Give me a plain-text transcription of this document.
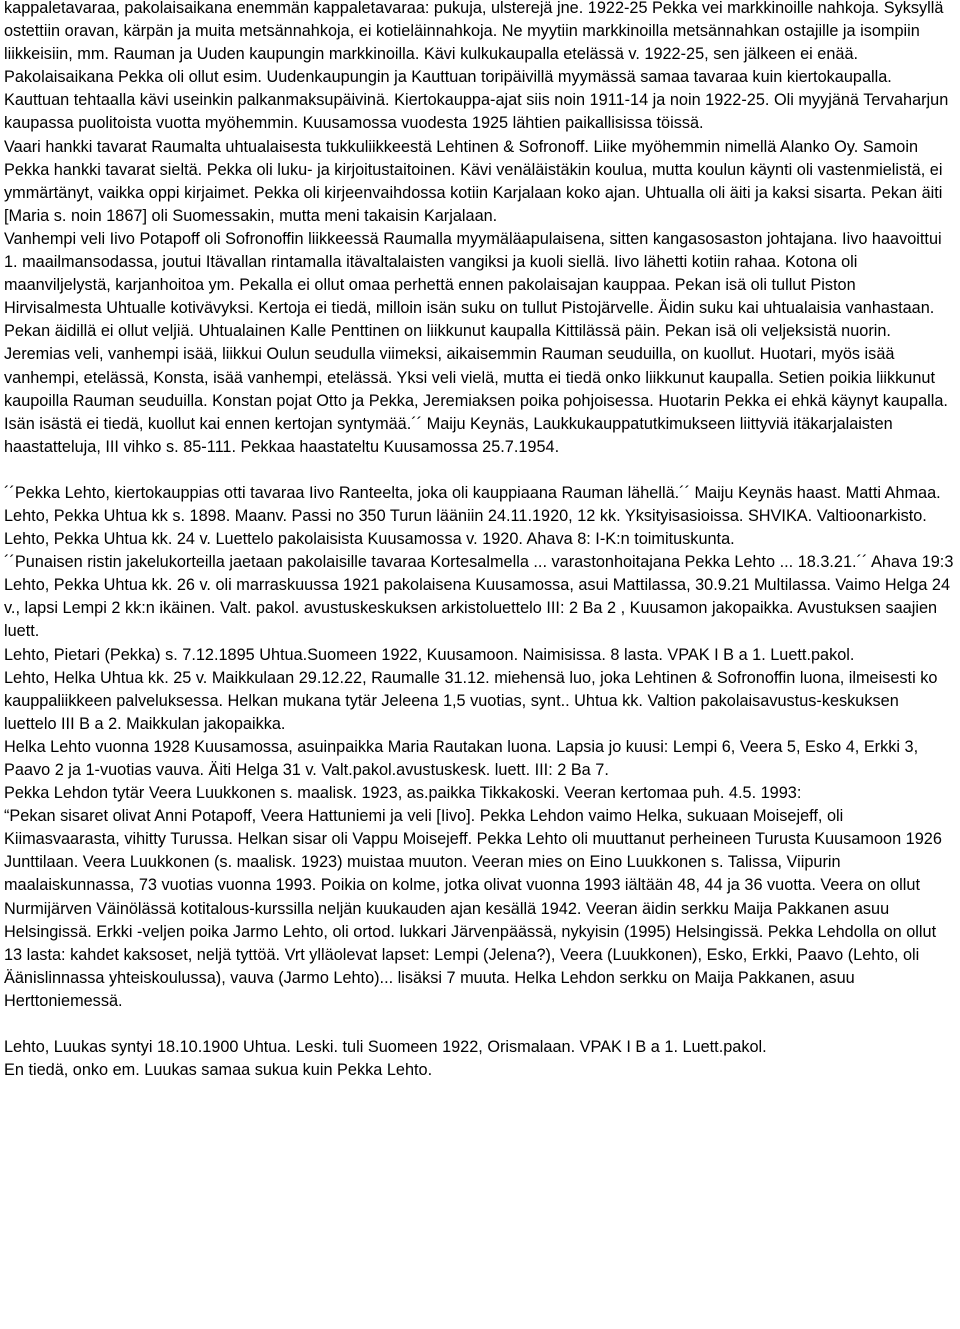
kappaletavaraa, pakolaisaikana enemmän kappaletavaraa: pukuja, ulsterejä jne. 1922-25 Pekka vei markkinoille nahkoja. Syksyllä ostettiin oravan, kärpän ja muita metsännahkoja, ei kotieläinnahkoja. Ne myytiin markkinoilla metsännahkan ostajille ja isompiin liikkeisiin, mm. Rauman ja Uuden kaupungin markkinoilla. Kävi kulkukaupalla etelässä v. 1922-25, sen jälkeen ei enää. Pakolaisaikana Pekka oli ollut esim. Uudenkaupungin ja Kauttuan toripäivillä myymässä samaa tavaraa kuin kiertokaupalla. Kauttuan tehtaalla kävi useinkin palkanmaksupäivinä. Kiertokauppa-ajat siis noin 1911-14 ja noin 1922-25. Oli myyjänä Tervaharjun kaupassa puolitoista vuotta myöhemmin. Kuusamossa vuodesta 1925 lähtien paikallisissa töissä.

Vaari hankki tavarat Raumalta uhtualaisesta tukkuliikkeestä Lehtinen & Sofronoff. Liike myöhemmin nimellä Alanko Oy. Samoin Pekka hankki tavarat sieltä. Pekka oli luku- ja kirjoitustaitoinen. Kävi venäläistäkin koulua, mutta koulun käynti oli vastenmielistä, ei ymmärtänyt, vaikka oppi kirjaimet. Pekka oli kirjeenvaihdossa kotiin Karjalaan koko ajan. Uhtualla oli äiti ja kaksi sisarta. Pekan äiti [Maria s. noin 1867] oli Suomessakin, mutta meni takaisin Karjalaan.

Vanhempi veli Iivo Potapoff oli Sofronoffin liikkeessä Raumalla myymäläapulaisena, sitten kangasosaston johtajana. Iivo haavoittui 1. maailmansodassa, joutui Itävallan rintamalla itävaltalaisten vangiksi ja kuoli siellä. Iivo lähetti kotiin rahaa. Kotona oli maanviljelystä, karjanhoitoa ym. Pekalla ei ollut omaa perhettä ennen pakolaisajan kauppaa. Pekan isä oli tullut Piston Hirvisalmesta Uhtualle kotivävyksi. Kertoja ei tiedä, milloin isän suku on tullut Pistojärvelle. Äidin suku kai uhtualaisia vanhastaan. Pekan äidillä ei ollut veljiä. Uhtualainen Kalle Penttinen on liikkunut kaupalla Kittilässä päin. Pekan isä oli veljeksistä nuorin. Jeremias veli, vanhempi isää, liikkui Oulun seudulla viimeksi, aikaisemmin Rauman seuduilla, on kuollut. Huotari, myös isää vanhempi, etelässä, Konsta, isää vanhempi, etelässä. Yksi veli vielä, mutta ei tiedä onko liikkunut kaupalla. Setien poikia liikkunut kaupoilla Rauman seuduilla. Konstan pojat Otto ja Pekka, Jeremiaksen poika pohjoisessa. Huotarin Pekka ei ehkä käynyt kaupalla. Isän isästä ei tiedä, kuollut kai ennen kertojan syntymää.´´ Maiju Keynäs, Laukkukauppatutkimukseen liittyviä itäkarjalaisten haastatteluja, III vihko s. 85-111. Pekkaa haastateltu Kuusamossa 25.7.1954.

´´Pekka Lehto, kiertokauppias otti tavaraa Iivo Ranteelta, joka oli kauppiaana Rauman lähellä.´´ Maiju Keynäs haast. Matti Ahmaa.

Lehto, Pekka Uhtua kk s. 1898. Maanv. Passi no 350 Turun lääniin 24.11.1920, 12 kk. Yksityisasioissa. SHVIKA. Valtioonarkisto.

Lehto, Pekka Uhtua kk. 24 v. Luettelo pakolaisista Kuusamossa v. 1920. Ahava 8: I-K:n toimituskunta.

´´Punaisen ristin jakelukorteilla jaetaan pakolaisille tavaraa Kortesalmella ... varastonhoitajana Pekka Lehto ... 18.3.21.´´ Ahava 19:3

Lehto, Pekka Uhtua kk. 26 v. oli marraskuussa 1921 pakolaisena Kuusamossa, asui Mattilassa, 30.9.21 Multilassa. Vaimo Helga 24 v., lapsi Lempi 2 kk:n ikäinen. Valt. pakol. avustuskeskuksen arkistoluettelo III: 2 Ba 2 , Kuusamon jakopaikka. Avustuksen saajien luett.

Lehto, Pietari (Pekka) s. 7.12.1895 Uhtua.Suomeen 1922, Kuusamoon. Naimisissa. 8 lasta. VPAK I B a 1. Luett.pakol.

Lehto, Helka Uhtua kk. 25 v. Maikkulaan 29.12.22, Raumalle 31.12. miehensä luo, joka Lehtinen & Sofronoffin luona, ilmeisesti ko kauppaliikkeen palveluksessa. Helkan mukana tytär Jeleena 1,5 vuotias, synt.. Uhtua kk. Valtion pakolaisavustus-keskuksen luettelo III B a 2. Maikkulan jakopaikka.

Helka Lehto vuonna 1928 Kuusamossa, asuinpaikka Maria Rautakan luona. Lapsia jo kuusi: Lempi 6, Veera 5, Esko 4, Erkki 3, Paavo 2 ja 1-vuotias vauva. Äiti Helga 31 v. Valt.pakol.avustuskesk. luett. III: 2 Ba 7.

Pekka Lehdon tytär Veera Luukkonen s. maalisk. 1923, as.paikka Tikkakoski. Veeran kertomaa puh. 4.5. 1993:

“Pekan sisaret olivat Anni Potapoff, Veera Hattuniemi ja veli [Iivo]. Pekka Lehdon vaimo Helka, sukuaan Moisejeff, oli Kiimasvaarasta, vihitty Turussa. Helkan sisar oli Vappu Moisejeff. Pekka Lehto oli muuttanut perheineen Turusta Kuusamoon 1926 Junttilaan. Veera Luukkonen (s. maalisk. 1923) muistaa muuton. Veeran mies on Eino Luukkonen s. Talissa, Viipurin maalaiskunnassa, 73 vuotias vuonna 1993. Poikia on kolme, jotka olivat vuonna 1993 iältään 48, 44 ja 36 vuotta. Veera on ollut Nurmijärven Väinölässä kotitalous-kurssilla neljän kuukauden ajan kesällä 1942. Veeran äidin serkku Maija Pakkanen asuu Helsingissä. Erkki -veljen poika Jarmo Lehto, oli ortod. lukkari Järvenpäässä, nykyisin (1995) Helsingissä. Pekka Lehdolla on ollut 13 lasta: kahdet kaksoset, neljä tyttöä. Vrt ylläolevat lapset: Lempi (Jelena?), Veera (Luukkonen), Esko, Erkki, Paavo (Lehto, oli Äänislinnassa yhteiskoulussa), vauva (Jarmo Lehto)... lisäksi 7 muuta. Helka Lehdon serkku on Maija Pakkanen, asuu Herttoniemessä.

Lehto, Luukas syntyi 18.10.1900 Uhtua. Leski. tuli Suomeen 1922, Orismalaan. VPAK I B a 1. Luett.pakol.
En tiedä, onko em. Luukas samaa sukua kuin Pekka Lehto.
